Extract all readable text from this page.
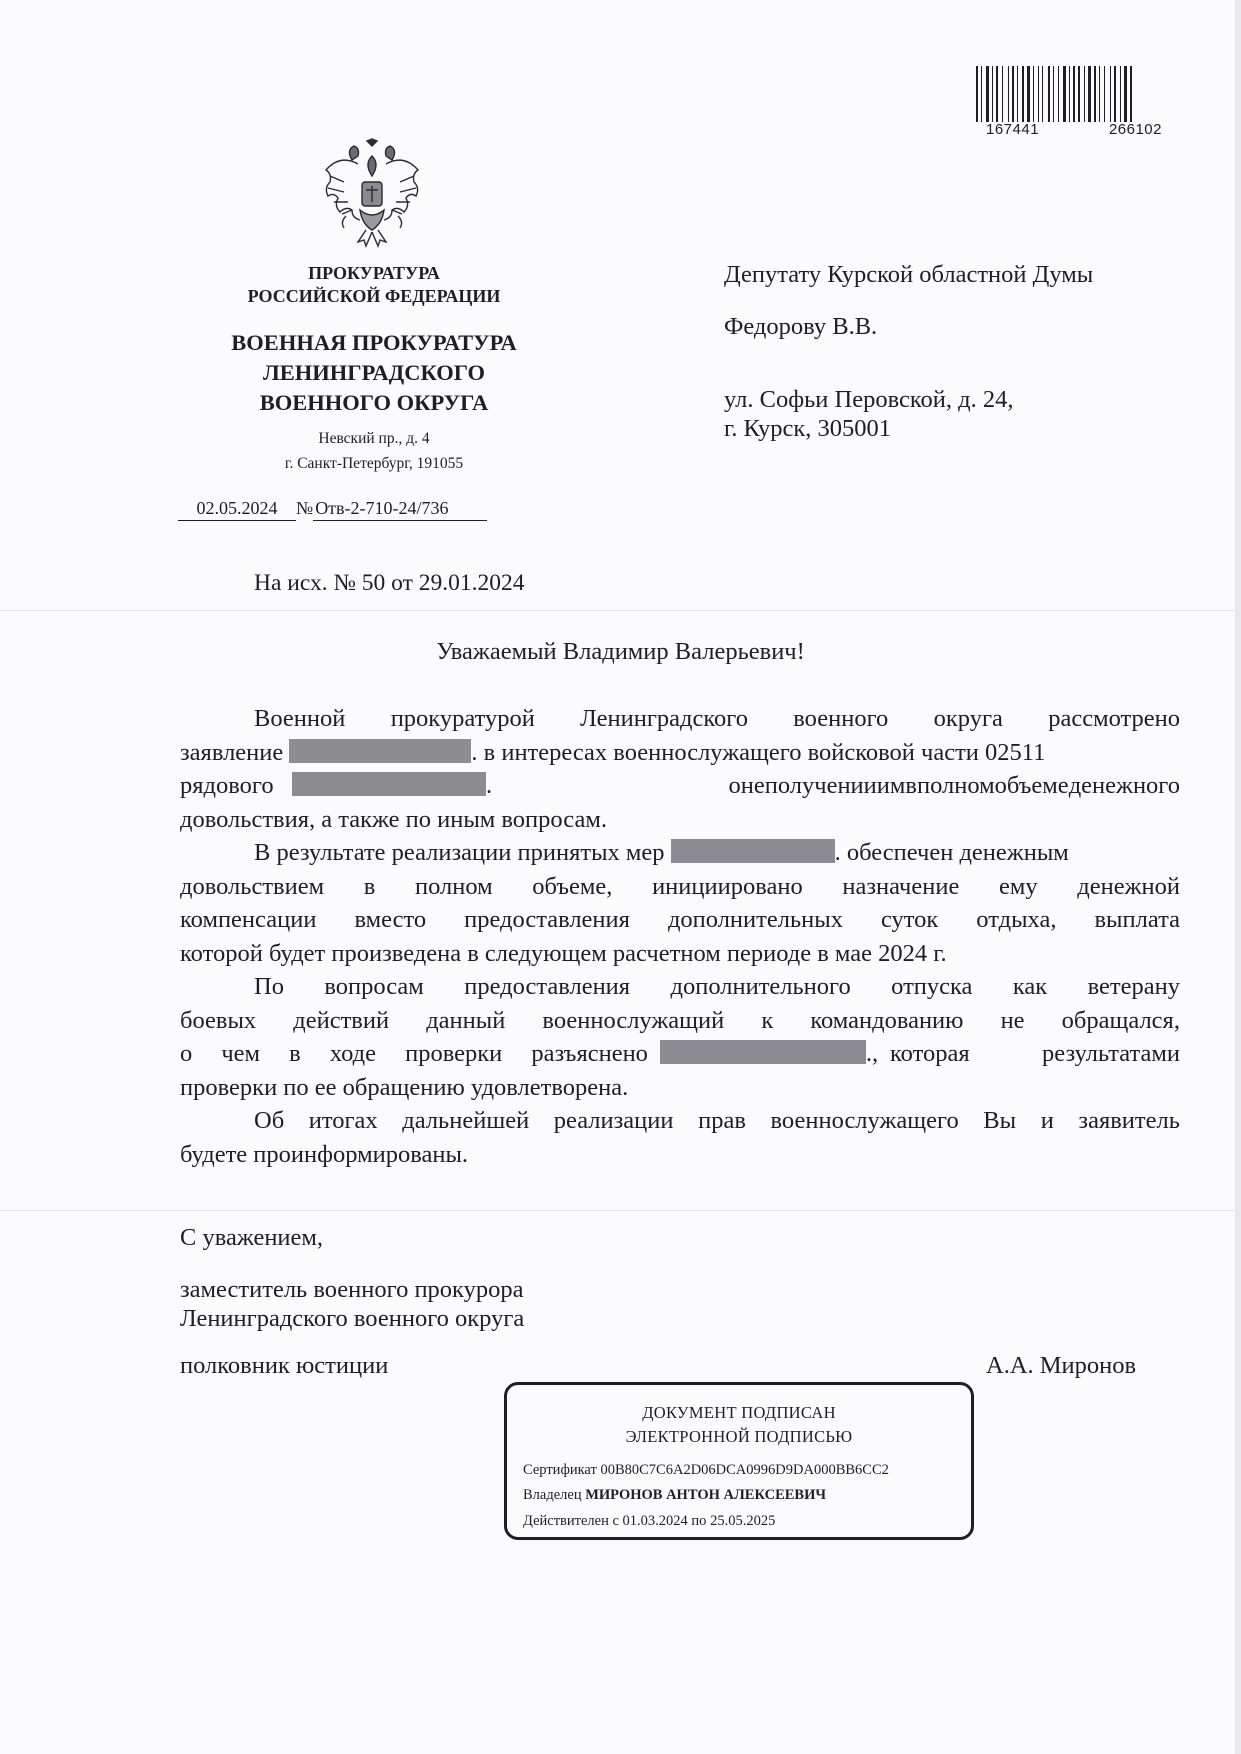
167441	266102
ПРОКУРАТУРА
РОССИЙСКОЙ ФЕДЕРАЦИИ
ВОЕННАЯ ПРОКУРАТУРА
ЛЕНИНГРАДСКОГО
ВОЕННОГО ОКРУГА
Невский пр., д. 4
г. Санкт-Петербург, 191055
02.05.2024 № Отв-2-710-24/736
Депутату Курской областной Думы
Федорову В.В.
ул. Софьи Перовской, д. 24,
г. Курск, 305001
На исх. № 50 от 29.01.2024
Уважаемый Владимир Валерьевич!
Военной прокуратурой Ленинградского военного округа рассмотрено
заявление	. в интересах военнослужащего войсковой части 02511
рядового	.	о неполучении им в полном объеме денежного
довольствия, а также по иным вопросам.
В результате реализации принятых мер	. обеспечен денежным
довольствием в полном объеме, инициировано назначение ему денежной
компенсации вместо предоставления дополнительных суток отдыха, выплата
которой будет произведена в следующем расчетном периоде в мае 2024 г.
По вопросам предоставления дополнительного отпуска как ветерану
боевых действий данный военнослужащий к командованию не обращался,
о чем в ходе проверки разъяснено	., которая	результатами
проверки по ее обращению удовлетворена.
Об итогах дальнейшей реализации прав военнослужащего Вы и заявитель
будете проинформированы.
С уважением,
заместитель военного прокурора
Ленинградского военного округа
полковник юстиции	А.А. Миронов
ДОКУМЕНТ ПОДПИСАН
ЭЛЕКТРОННОЙ ПОДПИСЬЮ
Сертификат 00B80C7C6A2D06DCA0996D9DA000BB6CC2
Владелец МИРОНОВ АНТОН АЛЕКСЕЕВИЧ
Действителен с 01.03.2024 по 25.05.2025
